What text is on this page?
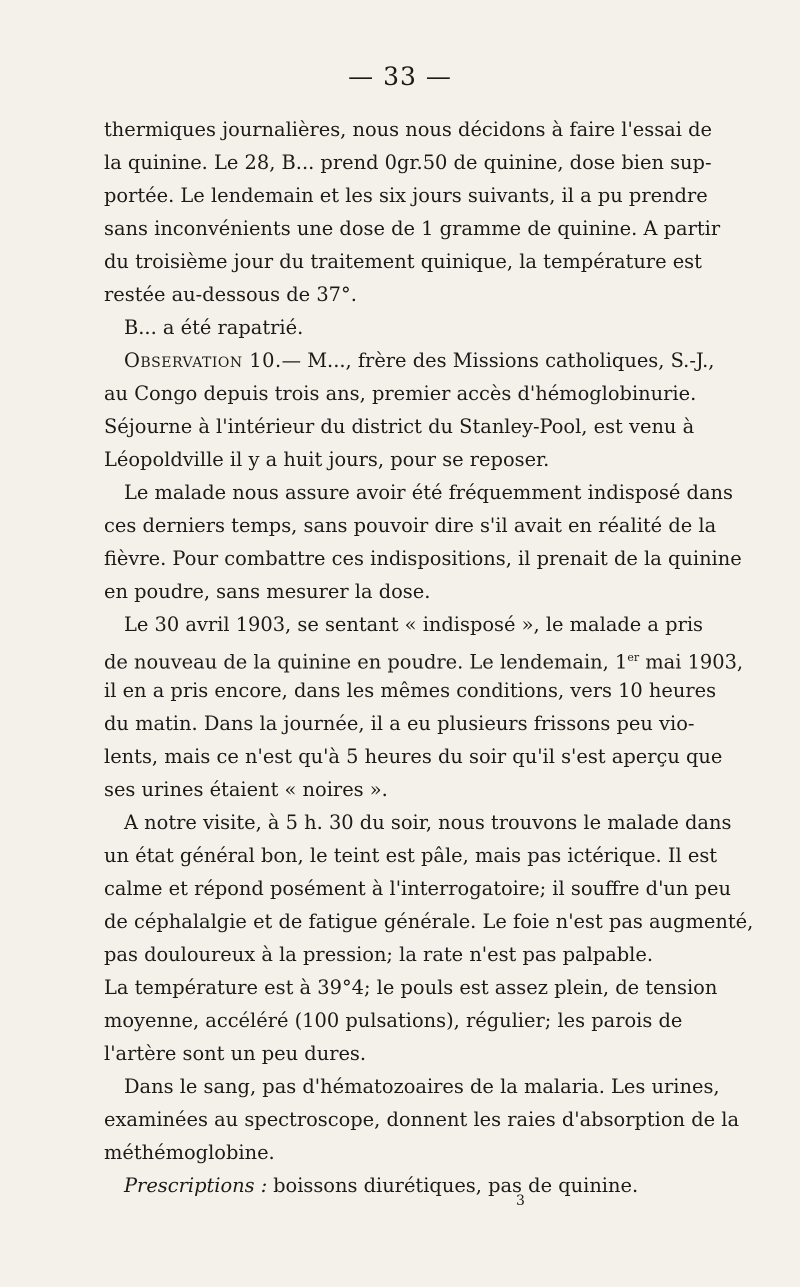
— 33 —
thermiques journalières, nous nous décidons à faire l'essai de
la quinine. Le 28, B... prend 0gr.50 de quinine, dose bien sup-
portée. Le lendemain et les six jours suivants, il a pu prendre
sans inconvénients une dose de 1 gramme de quinine. A partir
du troisième jour du traitement quinique, la température est
restée au-dessous de 37°.
B... a été rapatrié.
Observation 10. — M..., frère des Missions catholiques, S.-J.,
au Congo depuis trois ans, premier accès d'hémoglobinurie.
Séjourne à l'intérieur du district du Stanley-Pool, est venu à
Léopoldville il y a huit jours, pour se reposer.
Le malade nous assure avoir été fréquemment indisposé dans
ces derniers temps, sans pouvoir dire s'il avait en réalité de la
fièvre. Pour combattre ces indispositions, il prenait de la quinine
en poudre, sans mesurer la dose.
Le 30 avril 1903, se sentant « indisposé », le malade a pris
de nouveau de la quinine en poudre. Le lendemain, 1er mai 1903,
il en a pris encore, dans les mêmes conditions, vers 10 heures
du matin. Dans la journée, il a eu plusieurs frissons peu vio-
lents, mais ce n'est qu'à 5 heures du soir qu'il s'est aperçu que
ses urines étaient « noires ».
A notre visite, à 5 h. 30 du soir, nous trouvons le malade dans
un état général bon, le teint est pâle, mais pas ictérique. Il est
calme et répond posément à l'interrogatoire; il souffre d'un peu
de céphalalgie et de fatigue générale. Le foie n'est pas augmenté,
pas douloureux à la pression; la rate n'est pas palpable.
La température est à 39°4; le pouls est assez plein, de tension
moyenne, accéléré (100 pulsations), régulier; les parois de
l'artère sont un peu dures.
Dans le sang, pas d'hématozoaires de la malaria. Les urines,
examinées au spectroscope, donnent les raies d'absorption de la
méthémoglobine.
Prescriptions : boissons diurétiques, pas de quinine.
3
